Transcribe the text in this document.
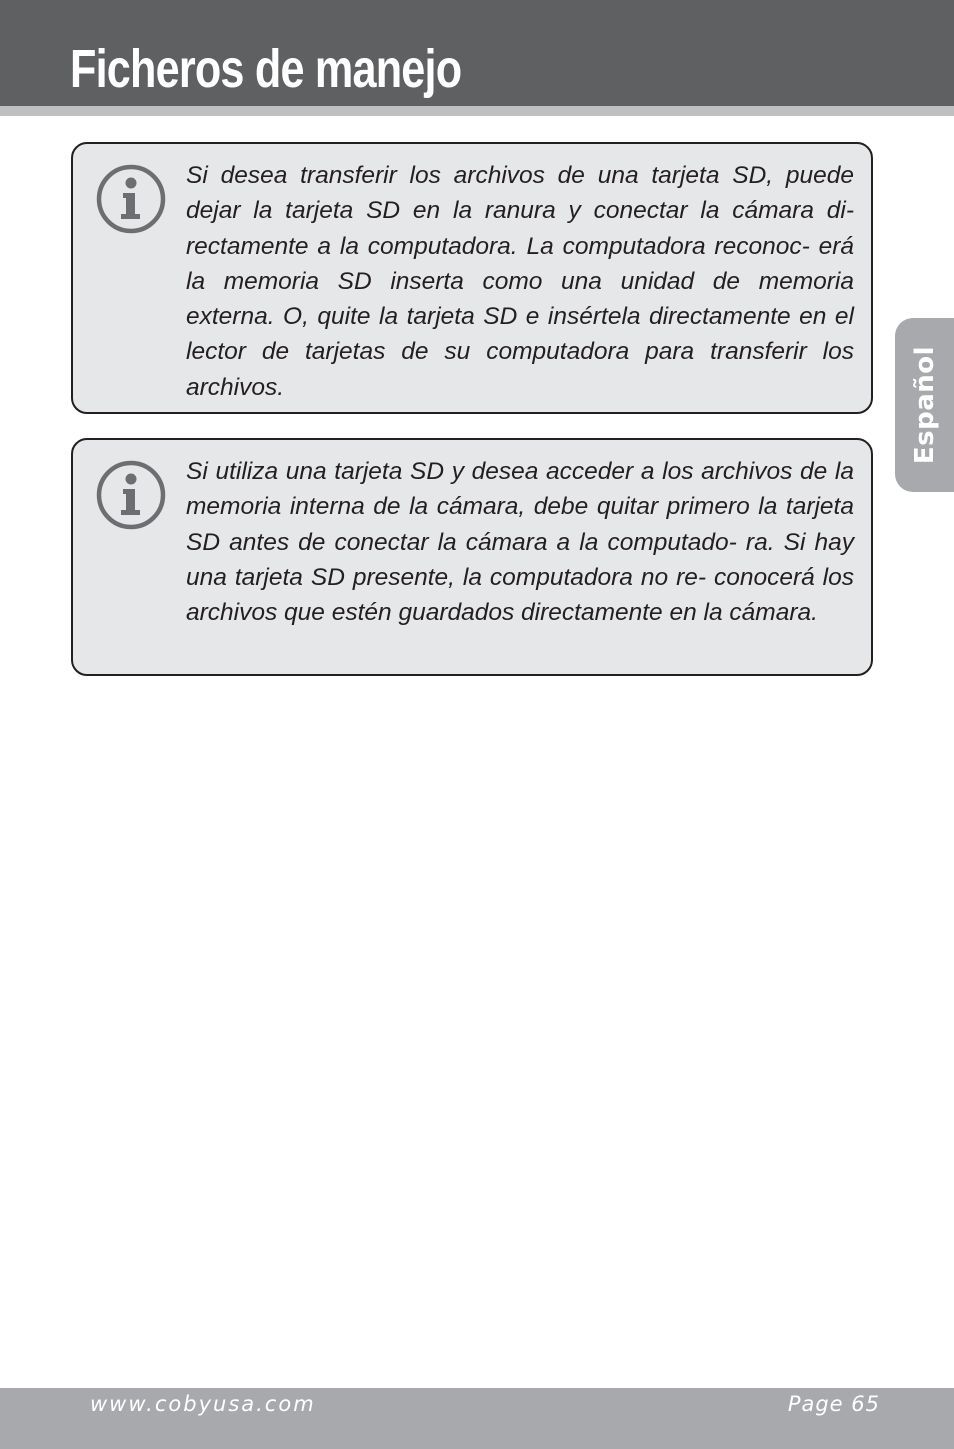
Ficheros de manejo
Español

Si desea transferir los archivos de una tarjeta SD, puede dejar la tarjeta SD en la ranura y conectar la cámara di- rectamente a la computadora. La computadora reconoc- erá la memoria SD inserta como una unidad de memoria externa. O, quite la tarjeta SD e insértela directamente en el lector de tarjetas de su computadora para transferir los archivos.

Si utiliza una tarjeta SD y desea acceder a los archivos de la memoria interna de la cámara, debe quitar primero la tarjeta SD antes de conectar la cámara a la computado- ra. Si hay una tarjeta SD presente, la computadora no re- conocerá los archivos que estén guardados directamente en la cámara.

www.cobyusa.com	Page 65
